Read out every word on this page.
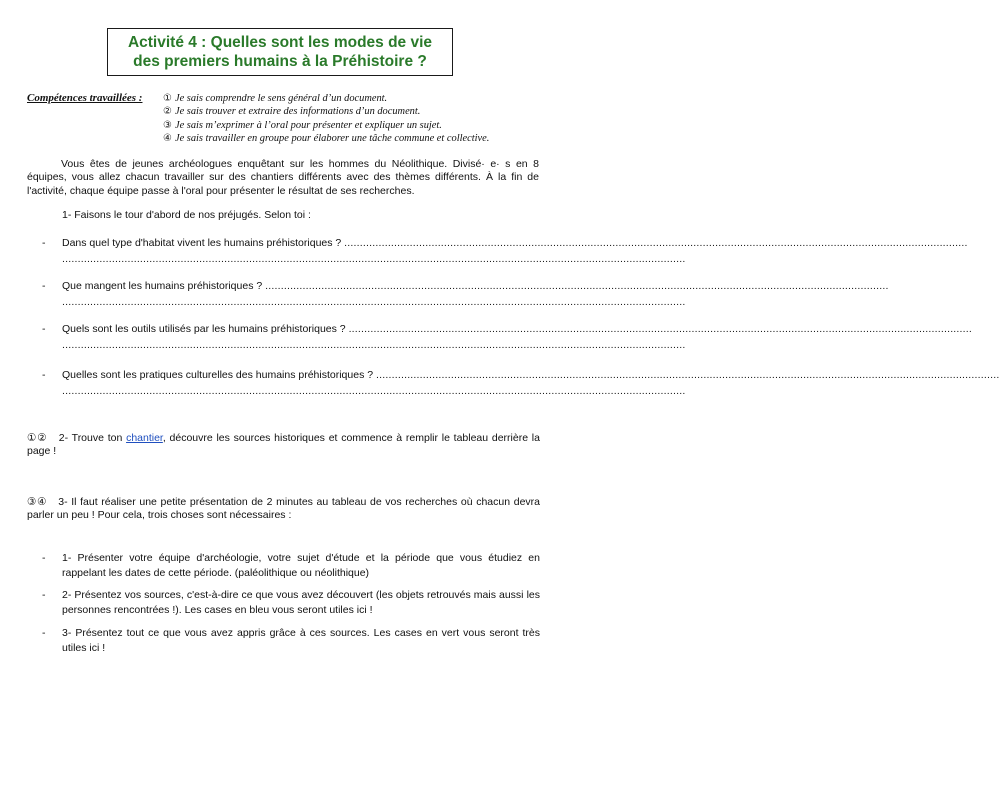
Activité 4 : Quelles sont les modes de vie
des premiers humains à la Préhistoire ?
Compétences travaillées : ① Je sais comprendre le sens général d’un document.
② Je sais trouver et extraire des informations d’un document.
③ Je sais m’exprimer à l’oral pour présenter et expliquer un sujet.
④ Je sais travailler en groupe pour élaborer une tâche commune et collective.
Vous êtes de jeunes archéologues enquêtant sur les hommes du Néolithique. Divisé· e· s en 8 équipes, vous allez chacun travailler sur des chantiers différents avec des thèmes différents. À la fin de l'activité, chaque équipe passe à l'oral pour présenter le résultat de ses recherches.
1- Faisons le tour d'abord de nos préjugés. Selon toi :
- Dans quel type d'habitat vivent les humains préhistoriques ? ........................................................................................................................................................................................................
........................................................................................................................................................................................................
- Que mangent les humains préhistoriques ? ........................................................................................................................................................................................................
........................................................................................................................................................................................................
- Quels sont les outils utilisés par les humains préhistoriques ? ........................................................................................................................................................................................................
........................................................................................................................................................................................................
- Quelles sont les pratiques culturelles des humains préhistoriques ? ........................................................................................................................................................................................................
........................................................................................................................................................................................................
①② 2- Trouve ton chantier, découvre les sources historiques et commence à remplir le tableau derrière la page !
③④ 3- Il faut réaliser une petite présentation de 2 minutes au tableau de vos recherches où chacun devra parler un peu ! Pour cela, trois choses sont nécessaires :
- 1- Présenter votre équipe d'archéologie, votre sujet d'étude et la période que vous étudiez en rappelant les dates de cette période. (paléolithique ou néolithique)
- 2- Présentez vos sources, c'est-à-dire ce que vous avez découvert (les objets retrouvés mais aussi les personnes rencontrées !). Les cases en bleu vous seront utiles ici !
- 3- Présentez tout ce que vous avez appris grâce à ces sources. Les cases en vert vous seront très utiles ici !
